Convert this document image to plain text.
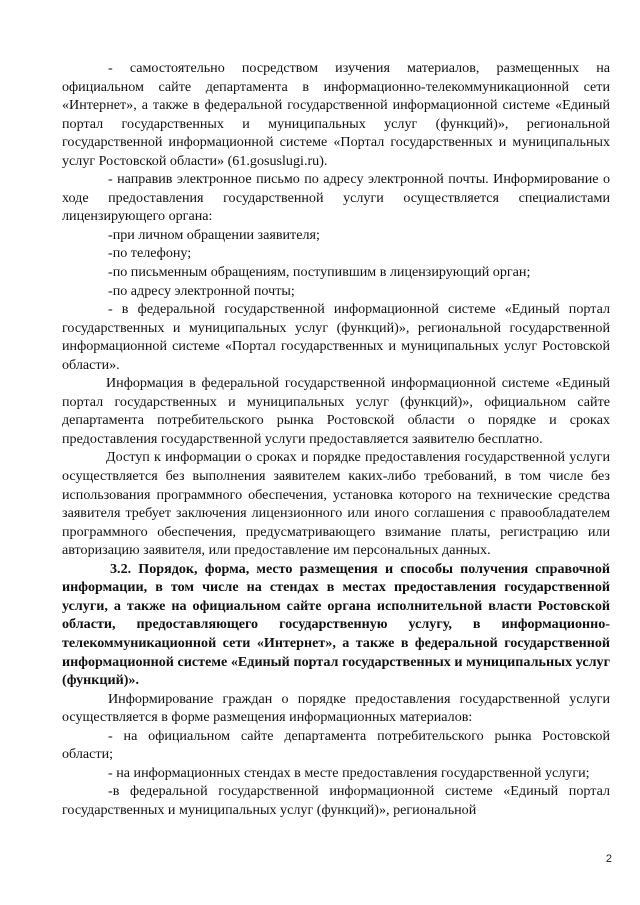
- самостоятельно посредством изучения материалов, размещенных на официальном сайте департамента в информационно-телекоммуникационной сети «Интернет», а также в федеральной государственной информационной системе «Единый портал государственных и муниципальных услуг (функций)», региональной государственной информационной системе «Портал государственных и муниципальных услуг Ростовской области» (61.gosuslugi.ru).

- направив электронное письмо по адресу электронной почты. Информирование о ходе предоставления государственной услуги осуществляется специалистами лицензирующего органа:

-при личном обращении заявителя;

-по телефону;

-по письменным обращениям, поступившим в лицензирующий орган;

-по адресу электронной почты;

- в федеральной государственной информационной системе «Единый портал государственных и муниципальных услуг (функций)», региональной государственной информационной системе «Портал государственных и муниципальных услуг Ростовской области».

Информация в федеральной государственной информационной системе «Единый портал государственных и муниципальных услуг (функций)», официальном сайте департамента потребительского рынка Ростовской области о порядке и сроках предоставления государственной услуги предоставляется заявителю бесплатно.

Доступ к информации о сроках и порядке предоставления государственной услуги осуществляется без выполнения заявителем каких-либо требований, в том числе без использования программного обеспечения, установка которого на технические средства заявителя требует заключения лицензионного или иного соглашения с правообладателем программного обеспечения, предусматривающего взимание платы, регистрацию или авторизацию заявителя, или предоставление им персональных данных.

3.2. Порядок, форма, место размещения и способы получения справочной информации, в том числе на стендах в местах предоставления государственной услуги, а также на официальном сайте органа исполнительной власти Ростовской области, предоставляющего государственную услугу, в информационно-телекоммуникационной сети «Интернет», а также в федеральной государственной информационной системе «Единый портал государственных и муниципальных услуг (функций)».

Информирование граждан о порядке предоставления государственной услуги осуществляется в форме размещения информационных материалов:

- на официальном сайте департамента потребительского рынка Ростовской области;

- на информационных стендах в месте предоставления государственной услуги;

-в федеральной государственной информационной системе «Единый портал государственных и муниципальных услуг (функций)», региональной

2
